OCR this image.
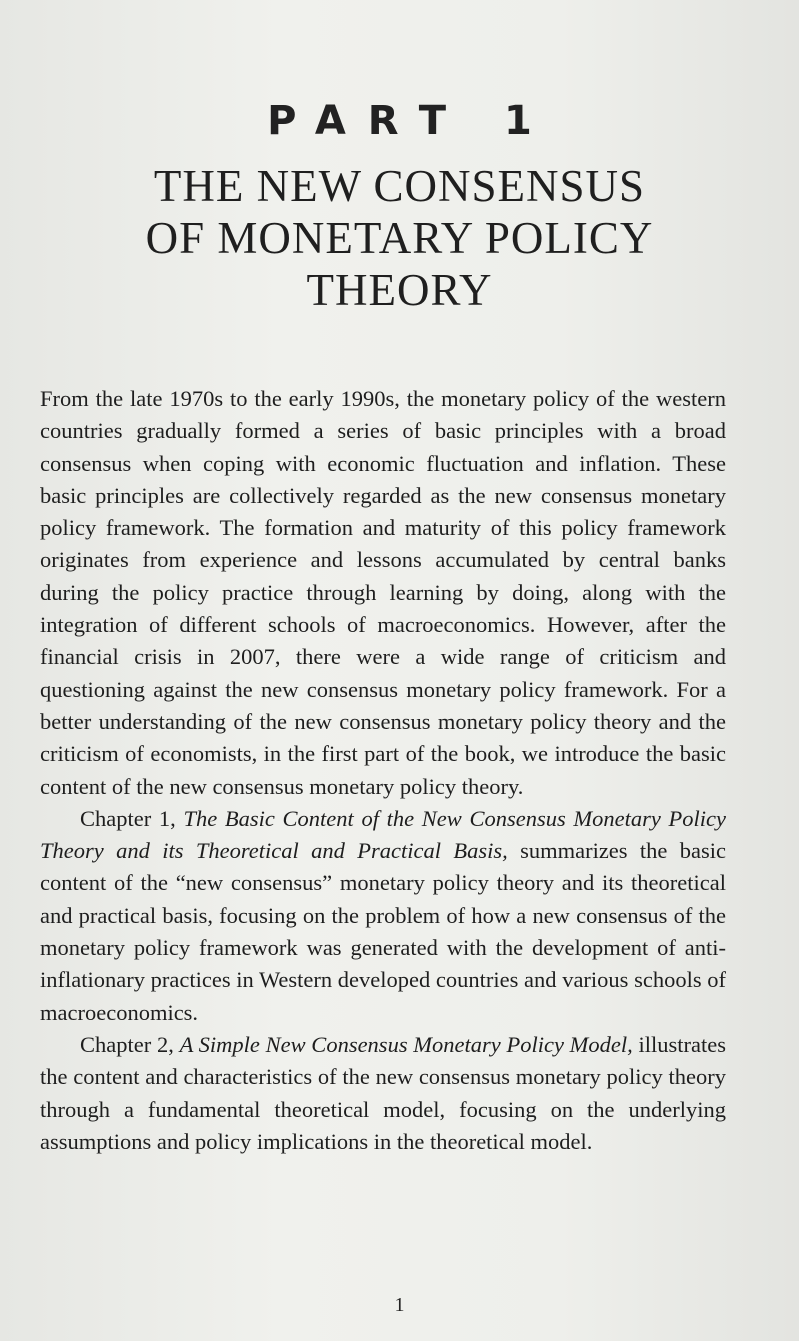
PART 1
THE NEW CONSENSUS
OF MONETARY POLICY
THEORY

From the late 1970s to the early 1990s, the monetary policy of the western countries gradually formed a series of basic principles with a broad consensus when coping with economic fluctuation and inflation. These basic principles are collectively regarded as the new consensus monetary policy framework. The formation and maturity of this policy framework originates from experience and lessons accumulated by central banks during the policy practice through learning by doing, along with the integration of different schools of macroeconomics. However, after the financial crisis in 2007, there were a wide range of criticism and questioning against the new consensus monetary policy framework. For a better understanding of the new consensus monetary policy theory and the criticism of economists, in the first part of the book, we introduce the basic content of the new consensus monetary policy theory.

Chapter 1, The Basic Content of the New Consensus Monetary Policy Theory and its Theoretical and Practical Basis, summarizes the basic content of the “new consensus” monetary policy theory and its theoretical and practical basis, focusing on the problem of how a new consensus of the monetary policy framework was generated with the development of anti-inflationary practices in Western developed countries and various schools of macroeconomics.

Chapter 2, A Simple New Consensus Monetary Policy Model, illustrates the content and characteristics of the new consensus monetary policy theory through a fundamental theoretical model, focusing on the underlying assumptions and policy implications in the theoretical model.

1
